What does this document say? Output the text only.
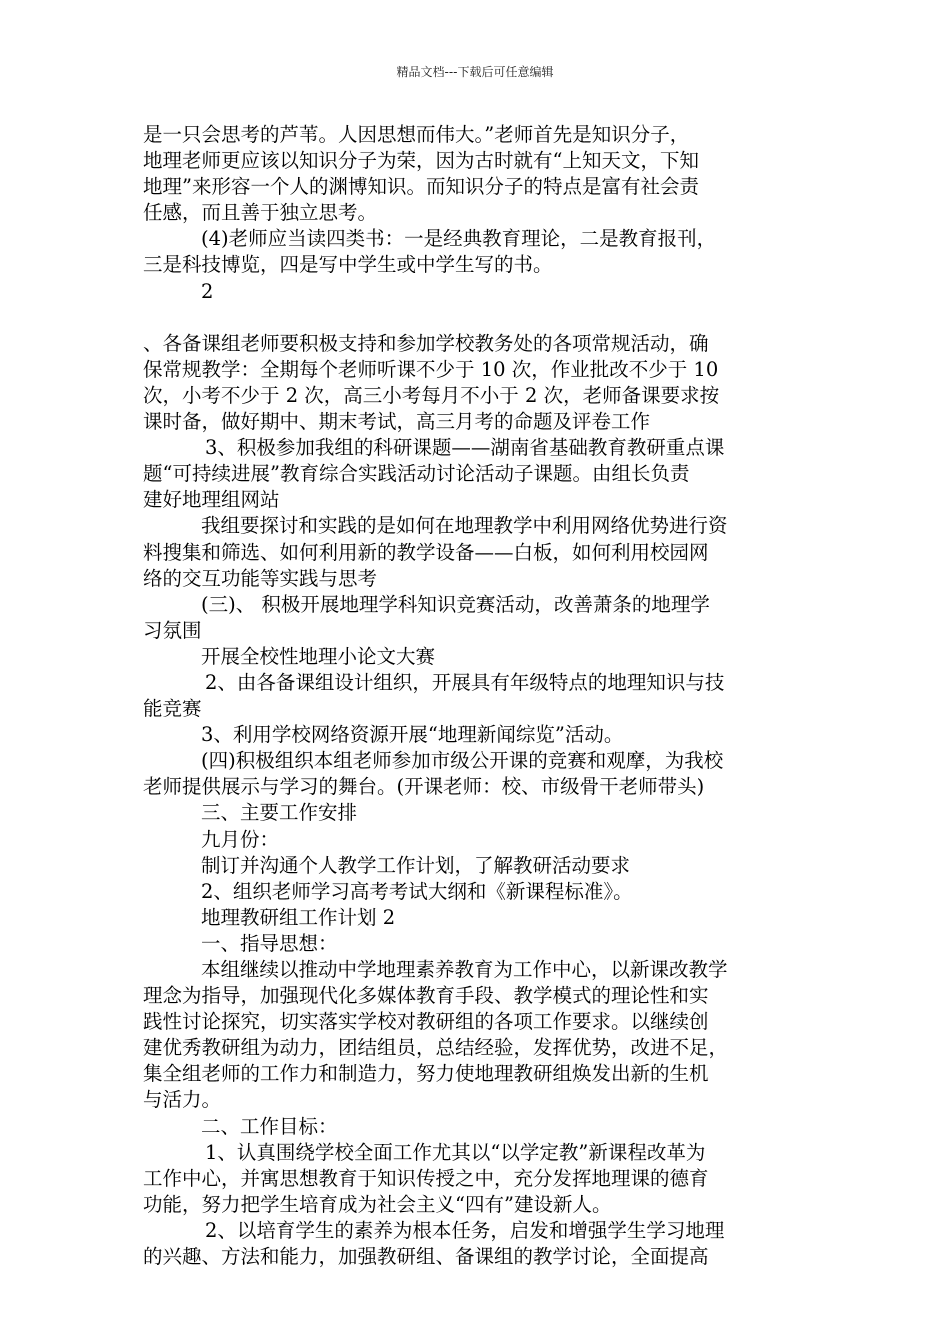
精品文档---下载后可任意编辑
是一只会思考的芦苇。人因思想而伟大。”老师首先是知识分子，
地理老师更应该以知识分子为荣，因为古时就有“上知天文，下知
地理”来形容一个人的渊博知识。而知识分子的特点是富有社会责
任感，而且善于独立思考。
(4)老师应当读四类书：一是经典教育理论，二是教育报刊，
三是科技博览，四是写中学生或中学生写的书。
2
、各备课组老师要积极支持和参加学校教务处的各项常规活动，确
保常规教学：全期每个老师听课不少于 10 次，作业批改不少于 10
次，小考不少于 2 次，高三小考每月不小于 2 次，老师备课要求按
课时备，做好期中、期末考试，高三月考的命题及评卷工作
3、积极参加我组的科研课题——湖南省基础教育教研重点课
题“可持续进展”教育综合实践活动讨论活动子课题。由组长负责
建好地理组网站
我组要探讨和实践的是如何在地理教学中利用网络优势进行资
料搜集和筛选、如何利用新的教学设备——白板，如何利用校园网
络的交互功能等实践与思考
(三)、 积极开展地理学科知识竞赛活动，改善萧条的地理学
习氛围
开展全校性地理小论文大赛
2、由各备课组设计组织，开展具有年级特点的地理知识与技
能竞赛
3、利用学校网络资源开展“地理新闻综览”活动。
(四)积极组织本组老师参加市级公开课的竞赛和观摩，为我校
老师提供展示与学习的舞台。(开课老师：校、市级骨干老师带头)
三、主要工作安排
九月份：
制订并沟通个人教学工作计划，了解教研活动要求
2、组织老师学习高考考试大纲和《新课程标准》。
地理教研组工作计划 2
一、指导思想：
本组继续以推动中学地理素养教育为工作中心，以新课改教学
理念为指导，加强现代化多媒体教育手段、教学模式的理论性和实
践性讨论探究，切实落实学校对教研组的各项工作要求。以继续创
建优秀教研组为动力，团结组员，总结经验，发挥优势，改进不足，
集全组老师的工作力和制造力，努力使地理教研组焕发出新的生机
与活力。
二、工作目标：
1、认真围绕学校全面工作尤其以“以学定教”新课程改革为
工作中心，并寓思想教育于知识传授之中，充分发挥地理课的德育
功能，努力把学生培育成为社会主义“四有”建设新人。
2、以培育学生的素养为根本任务，启发和增强学生学习地理
的兴趣、方法和能力，加强教研组、备课组的教学讨论，全面提高
